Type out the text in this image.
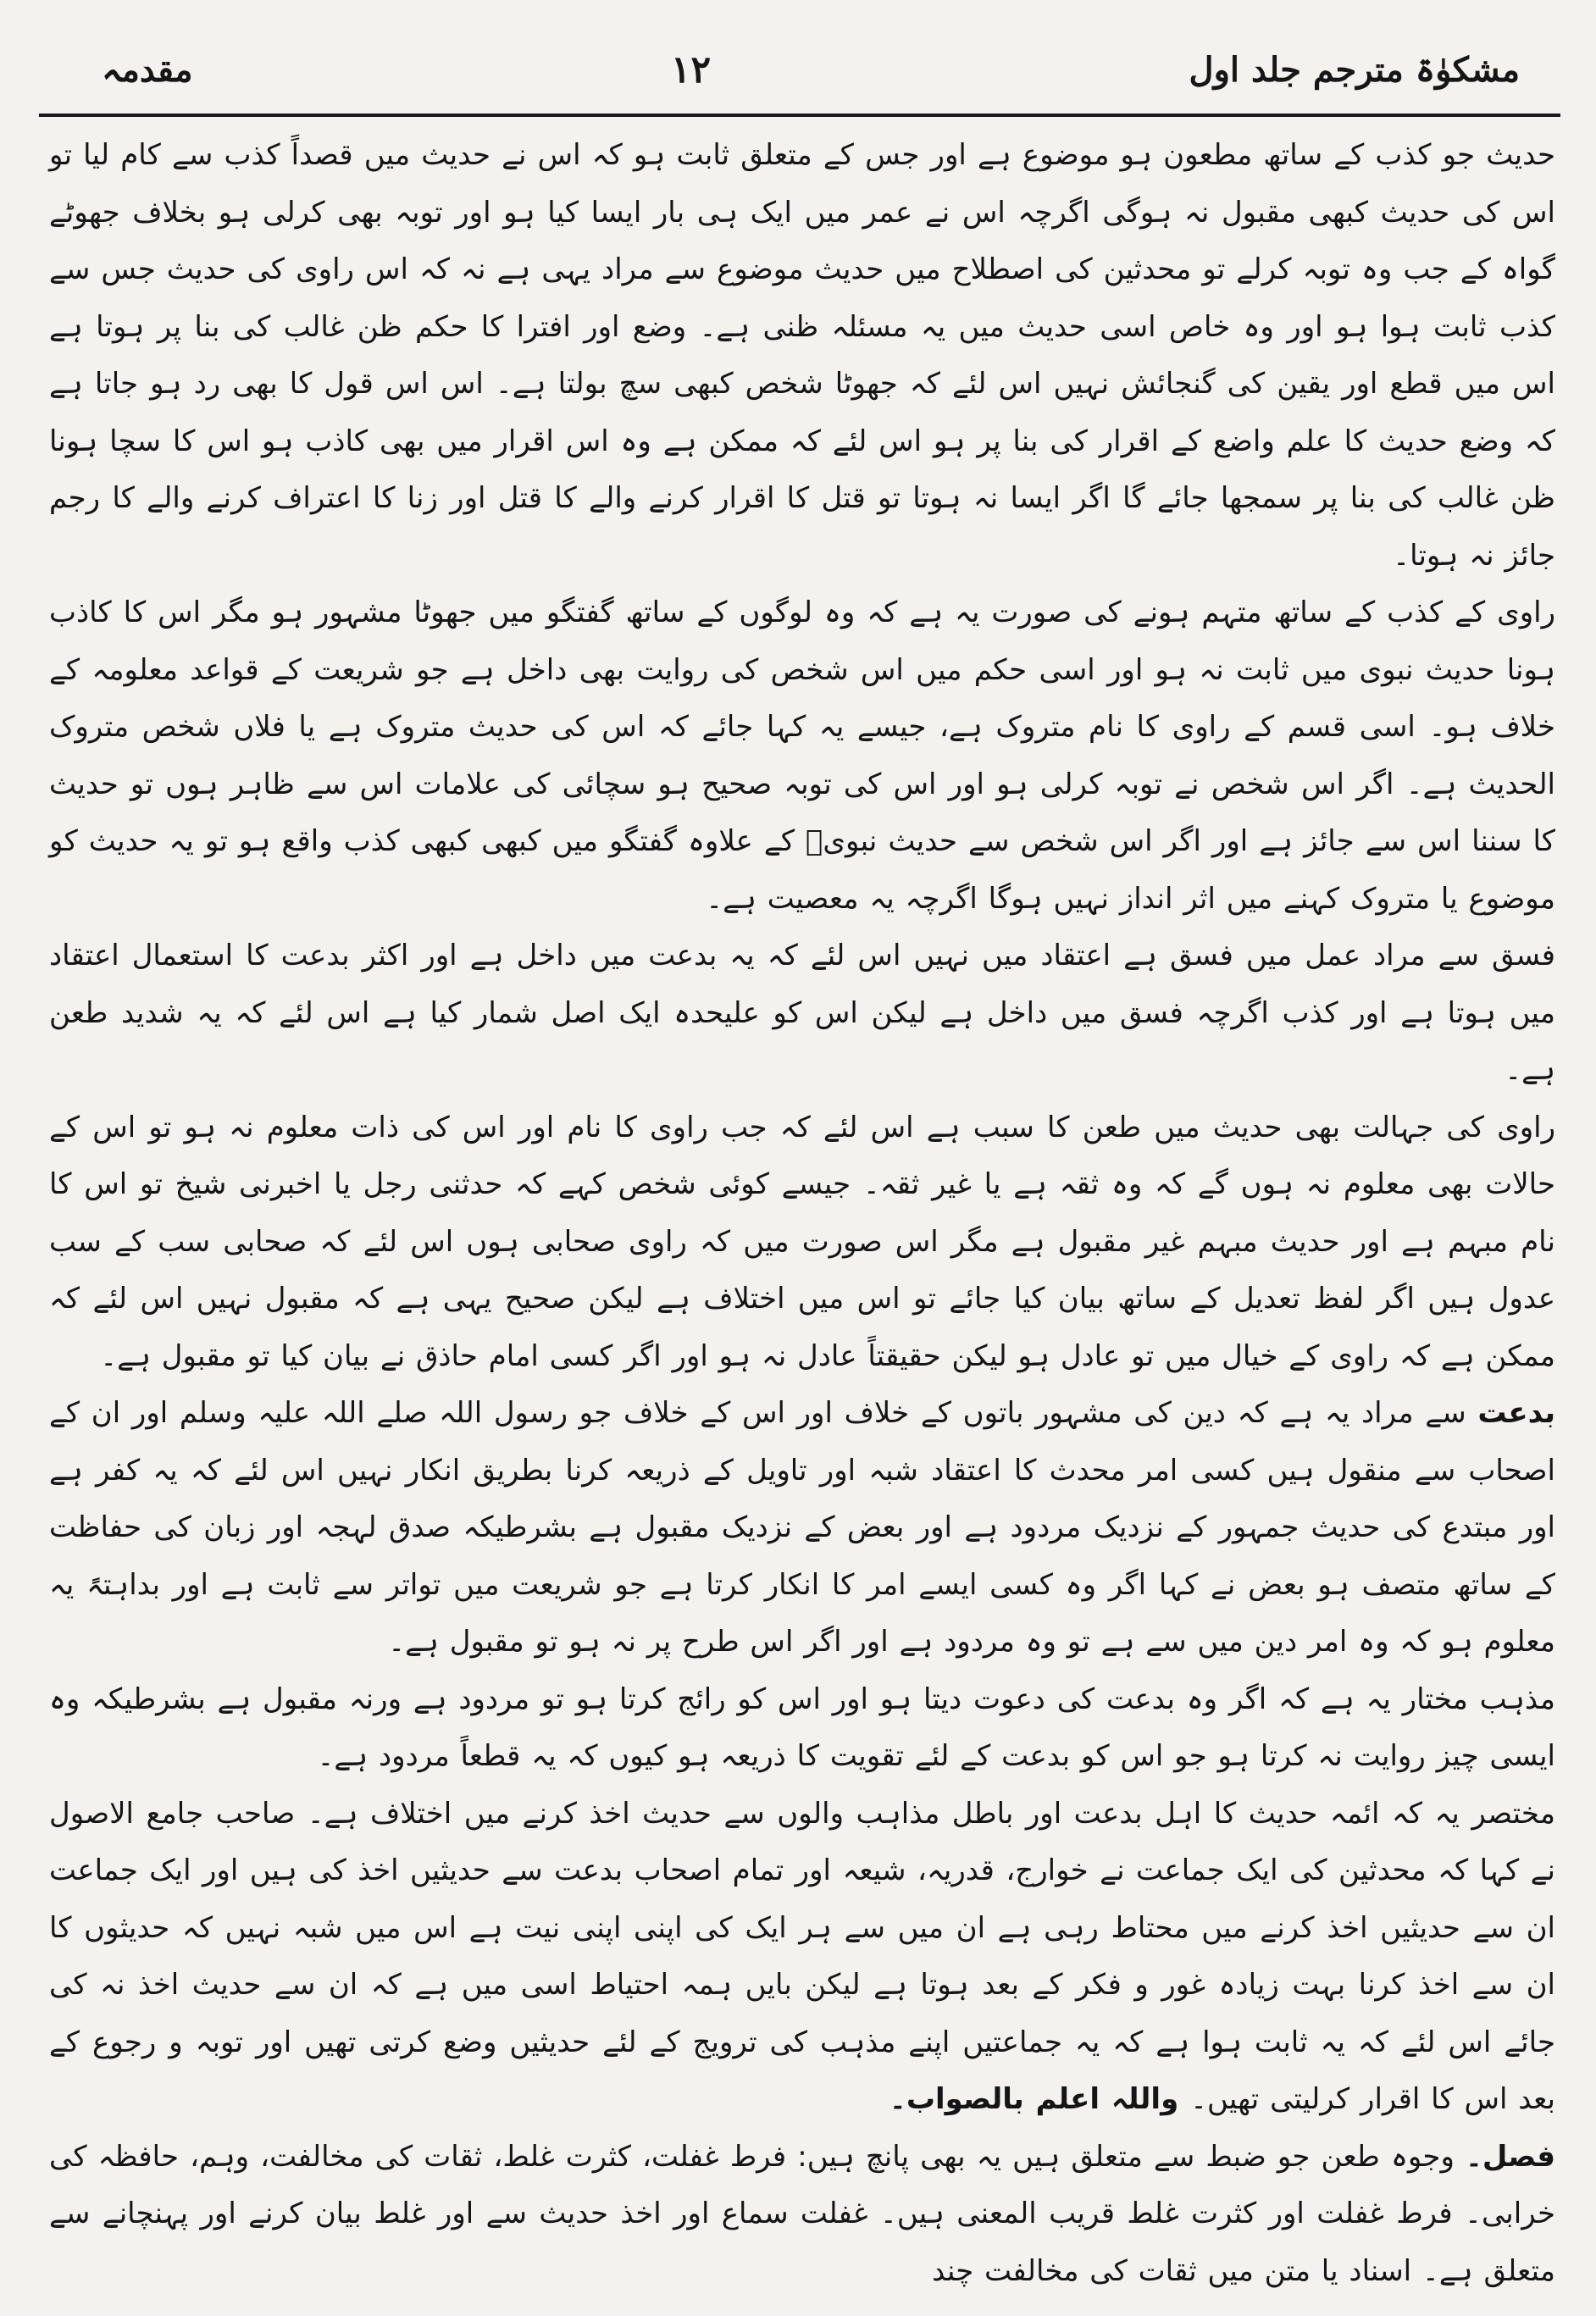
مشکوٰۃ مترجم جلد اول
۱۲
مقدمہ

حدیث جو کذب کے ساتھ مطعون ہو موضوع ہے اور جس کے متعلق ثابت ہو کہ اس نے حدیث میں قصداً کذب سے کام لیا تو اس کی حدیث کبھی مقبول نہ ہوگی اگرچہ اس نے عمر میں ایک ہی بار ایسا کیا ہو اور توبہ بھی کرلی ہو بخلاف جھوٹے گواہ کے جب وہ توبہ کرلے تو محدثین کی اصطلاح میں حدیث موضوع سے مراد یہی ہے نہ کہ اس راوی کی حدیث جس سے کذب ثابت ہوا ہو اور وہ خاص اسی حدیث میں یہ مسئلہ ظنی ہے۔ وضع اور افترا کا حکم ظن غالب کی بنا پر ہوتا ہے اس میں قطع اور یقین کی گنجائش نہیں اس لئے کہ جھوٹا شخص کبھی سچ بولتا ہے۔ اس اس قول کا بھی رد ہو جاتا ہے کہ وضع حدیث کا علم واضع کے اقرار کی بنا پر ہو اس لئے کہ ممکن ہے وہ اس اقرار میں بھی کاذب ہو اس کا سچا ہونا ظن غالب کی بنا پر سمجھا جائے گا اگر ایسا نہ ہوتا تو قتل کا اقرار کرنے والے کا قتل اور زنا کا اعتراف کرنے والے کا رجم جائز نہ ہوتا۔

راوی کے کذب کے ساتھ متہم ہونے کی صورت یہ ہے کہ وہ لوگوں کے ساتھ گفتگو میں جھوٹا مشہور ہو مگر اس کا کاذب ہونا حدیث نبوی میں ثابت نہ ہو اور اسی حکم میں اس شخص کی روایت بھی داخل ہے جو شریعت کے قواعد معلومہ کے خلاف ہو۔ اسی قسم کے راوی کا نام متروک ہے، جیسے یہ کہا جائے کہ اس کی حدیث متروک ہے یا فلاں شخص متروک الحدیث ہے۔ اگر اس شخص نے توبہ کرلی ہو اور اس کی توبہ صحیح ہو سچائی کی علامات اس سے ظاہر ہوں تو حدیث کا سننا اس سے جائز ہے اور اگر اس شخص سے حدیث نبویؐ کے علاوہ گفتگو میں کبھی کبھی کذب واقع ہو تو یہ حدیث کو موضوع یا متروک کہنے میں اثر انداز نہیں ہوگا اگرچہ یہ معصیت ہے۔

فسق سے مراد عمل میں فسق ہے اعتقاد میں نہیں اس لئے کہ یہ بدعت میں داخل ہے اور اکثر بدعت کا استعمال اعتقاد میں ہوتا ہے اور کذب اگرچہ فسق میں داخل ہے لیکن اس کو علیحدہ ایک اصل شمار کیا ہے اس لئے کہ یہ شدید طعن ہے۔

راوی کی جہالت بھی حدیث میں طعن کا سبب ہے اس لئے کہ جب راوی کا نام اور اس کی ذات معلوم نہ ہو تو اس کے حالات بھی معلوم نہ ہوں گے کہ وہ ثقہ ہے یا غیر ثقہ۔ جیسے کوئی شخص کہے کہ حدثنی رجل یا اخبرنی شیخ تو اس کا نام مبہم ہے اور حدیث مبہم غیر مقبول ہے مگر اس صورت میں کہ راوی صحابی ہوں اس لئے کہ صحابی سب کے سب عدول ہیں اگر لفظ تعدیل کے ساتھ بیان کیا جائے تو اس میں اختلاف ہے لیکن صحیح یہی ہے کہ مقبول نہیں اس لئے کہ ممکن ہے کہ راوی کے خیال میں تو عادل ہو لیکن حقیقتاً عادل نہ ہو اور اگر کسی امام حاذق نے بیان کیا تو مقبول ہے۔

بدعت سے مراد یہ ہے کہ دین کی مشہور باتوں کے خلاف اور اس کے خلاف جو رسول اللہ صلے اللہ علیہ وسلم اور ان کے اصحاب سے منقول ہیں کسی امر محدث کا اعتقاد شبہ اور تاویل کے ذریعہ کرنا بطریق انکار نہیں اس لئے کہ یہ کفر ہے اور مبتدع کی حدیث جمہور کے نزدیک مردود ہے اور بعض کے نزدیک مقبول ہے بشرطیکہ صدق لہجہ اور زبان کی حفاظت کے ساتھ متصف ہو بعض نے کہا اگر وہ کسی ایسے امر کا انکار کرتا ہے جو شریعت میں تواتر سے ثابت ہے اور بداہتہً یہ معلوم ہو کہ وہ امر دین میں سے ہے تو وہ مردود ہے اور اگر اس طرح پر نہ ہو تو مقبول ہے۔

مذہب مختار یہ ہے کہ اگر وہ بدعت کی دعوت دیتا ہو اور اس کو رائج کرتا ہو تو مردود ہے ورنہ مقبول ہے بشرطیکہ وہ ایسی چیز روایت نہ کرتا ہو جو اس کو بدعت کے لئے تقویت کا ذریعہ ہو کیوں کہ یہ قطعاً مردود ہے۔

مختصر یہ کہ ائمہ حدیث کا اہل بدعت اور باطل مذاہب والوں سے حدیث اخذ کرنے میں اختلاف ہے۔ صاحب جامع الاصول نے کہا کہ محدثین کی ایک جماعت نے خوارج، قدریہ، شیعہ اور تمام اصحاب بدعت سے حدیثیں اخذ کی ہیں اور ایک جماعت ان سے حدیثیں اخذ کرنے میں محتاط رہی ہے ان میں سے ہر ایک کی اپنی اپنی نیت ہے اس میں شبہ نہیں کہ حدیثوں کا ان سے اخذ کرنا بہت زیادہ غور و فکر کے بعد ہوتا ہے لیکن بایں ہمہ احتیاط اسی میں ہے کہ ان سے حدیث اخذ نہ کی جائے اس لئے کہ یہ ثابت ہوا ہے کہ یہ جماعتیں اپنے مذہب کی ترویج کے لئے حدیثیں وضع کرتی تھیں اور توبہ و رجوع کے بعد اس کا اقرار کرلیتی تھیں۔ واللہ اعلم بالصواب۔

فصل۔ وجوہ طعن جو ضبط سے متعلق ہیں یہ بھی پانچ ہیں: فرط غفلت، کثرت غلط، ثقات کی مخالفت، وہم، حافظہ کی خرابی۔ فرط غفلت اور کثرت غلط قریب المعنی ہیں۔ غفلت سماع اور اخذ حدیث سے اور غلط بیان کرنے اور پہنچانے سے متعلق ہے۔ اسناد یا متن میں ثقات کی مخالفت چند
